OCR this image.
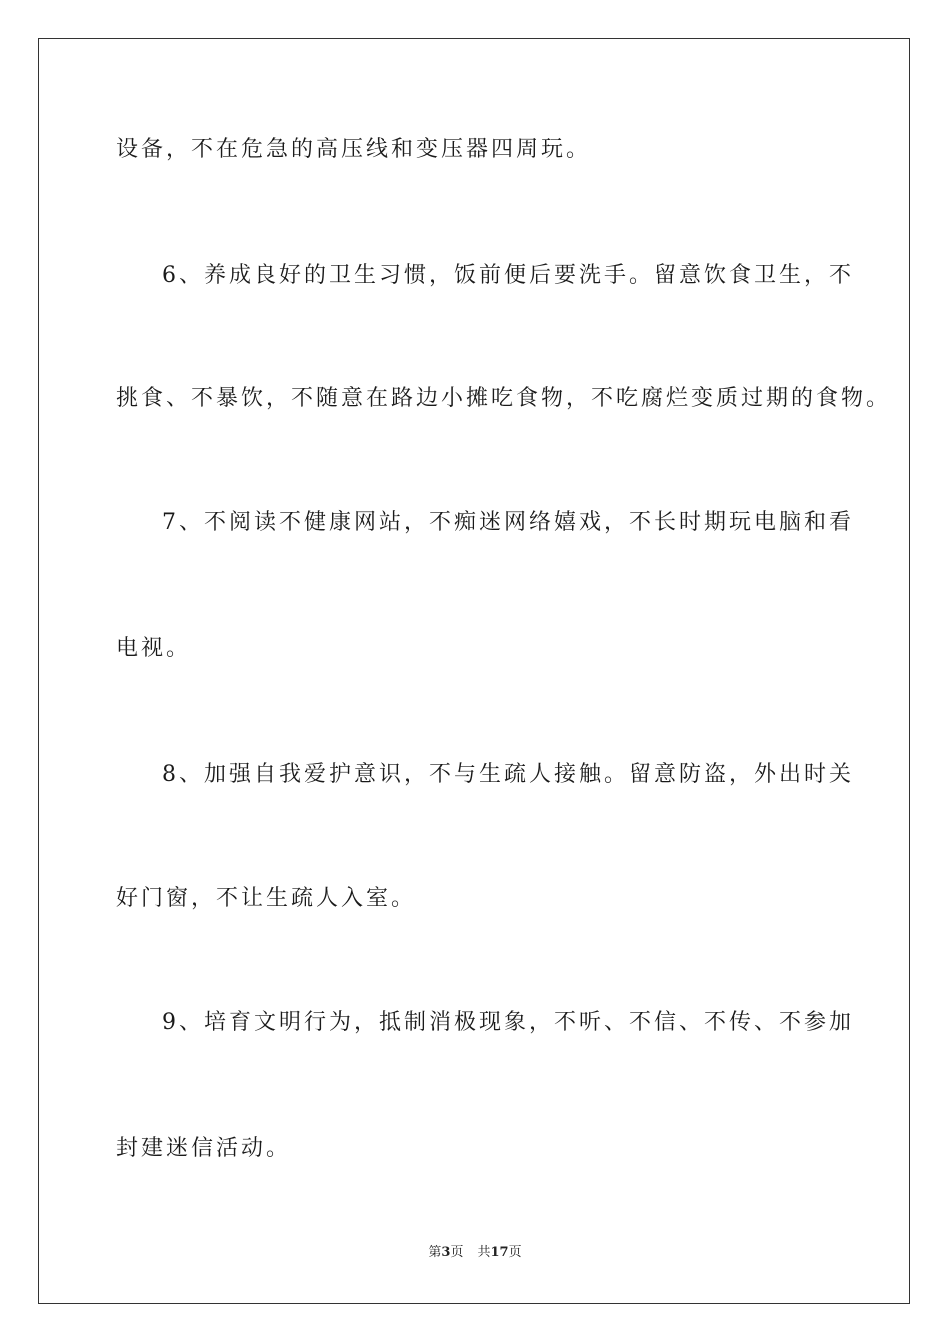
设备，不在危急的高压线和变压器四周玩。
6、养成良好的卫生习惯，饭前便后要洗手。留意饮食卫生，不
挑食、不暴饮，不随意在路边小摊吃食物，不吃腐烂变质过期的食物。
7、不阅读不健康网站，不痴迷网络嬉戏，不长时期玩电脑和看
电视。
8、加强自我爱护意识，不与生疏人接触。留意防盗，外出时关
好门窗，不让生疏人入室。
9、培育文明行为，抵制消极现象，不听、不信、不传、不参加
封建迷信活动。
第3页 共17页
